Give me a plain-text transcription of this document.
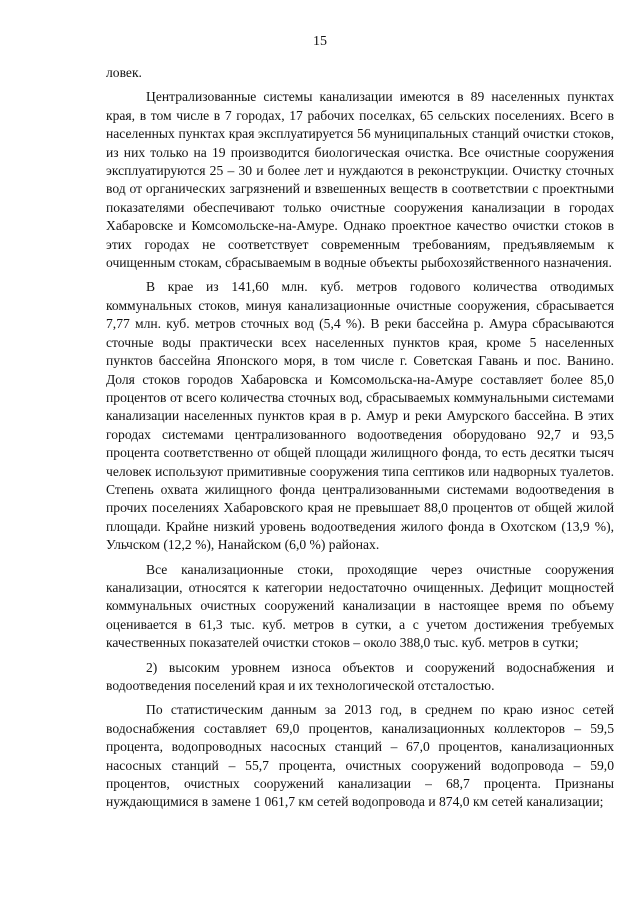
15

ловек.

Централизованные системы канализации имеются в 89 населенных пунктах края, в том числе в 7 городах, 17 рабочих поселках, 65 сельских поселениях. Всего в населенных пунктах края эксплуатируется 56 муниципальных станций очистки стоков, из них только на 19 производится биологическая очистка. Все очистные сооружения эксплуатируются 25 – 30 и более лет и нуждаются в реконструкции. Очистку сточных вод от органических загрязнений и взвешенных веществ в соответствии с проектными показателями обеспечивают только очистные сооружения канализации в городах Хабаровске и Комсомольске-на-Амуре. Однако проектное качество очистки стоков в этих городах не соответствует современным требованиям, предъявляемым к очищенным стокам, сбрасываемым в водные объекты рыбохозяйственного назначения.

В крае из 141,60 млн. куб. метров годового количества отводимых коммунальных стоков, минуя канализационные очистные сооружения, сбрасывается 7,77 млн. куб. метров сточных вод (5,4 %). В реки бассейна р. Амура сбрасываются сточные воды практически всех населенных пунктов края, кроме 5 населенных пунктов бассейна Японского моря, в том числе г. Советская Гавань и пос. Ванино. Доля стоков городов Хабаровска и Комсомольска-на-Амуре составляет более 85,0 процентов от всего количества сточных вод, сбрасываемых коммунальными системами канализации населенных пунктов края в р. Амур и реки Амурского бассейна. В этих городах системами централизованного водоотведения оборудовано 92,7 и 93,5 процента соответственно от общей площади жилищного фонда, то есть десятки тысяч человек используют примитивные сооружения типа септиков или надворных туалетов. Степень охвата жилищного фонда централизованными системами водоотведения в прочих поселениях Хабаровского края не превышает 88,0 процентов от общей жилой площади. Крайне низкий уровень водоотведения жилого фонда в Охотском (13,9 %), Ульчском (12,2 %), Нанайском (6,0 %) районах.

Все канализационные стоки, проходящие через очистные сооружения канализации, относятся к категории недостаточно очищенных. Дефицит мощностей коммунальных очистных сооружений канализации в настоящее время по объему оценивается в 61,3 тыс. куб. метров в сутки, а с учетом достижения требуемых качественных показателей очистки стоков – около 388,0 тыс. куб. метров в сутки;

2) высоким уровнем износа объектов и сооружений водоснабжения и водоотведения поселений края и их технологической отсталостью.

По статистическим данным за 2013 год, в среднем по краю износ сетей водоснабжения составляет 69,0 процентов, канализационных коллекторов – 59,5 процента, водопроводных насосных станций – 67,0 процентов, канализационных насосных станций – 55,7 процента, очистных сооружений водопровода – 59,0 процентов, очистных сооружений канализации – 68,7 процента. Признаны нуждающимися в замене 1 061,7 км сетей водопровода и 874,0 км сетей канализации;
